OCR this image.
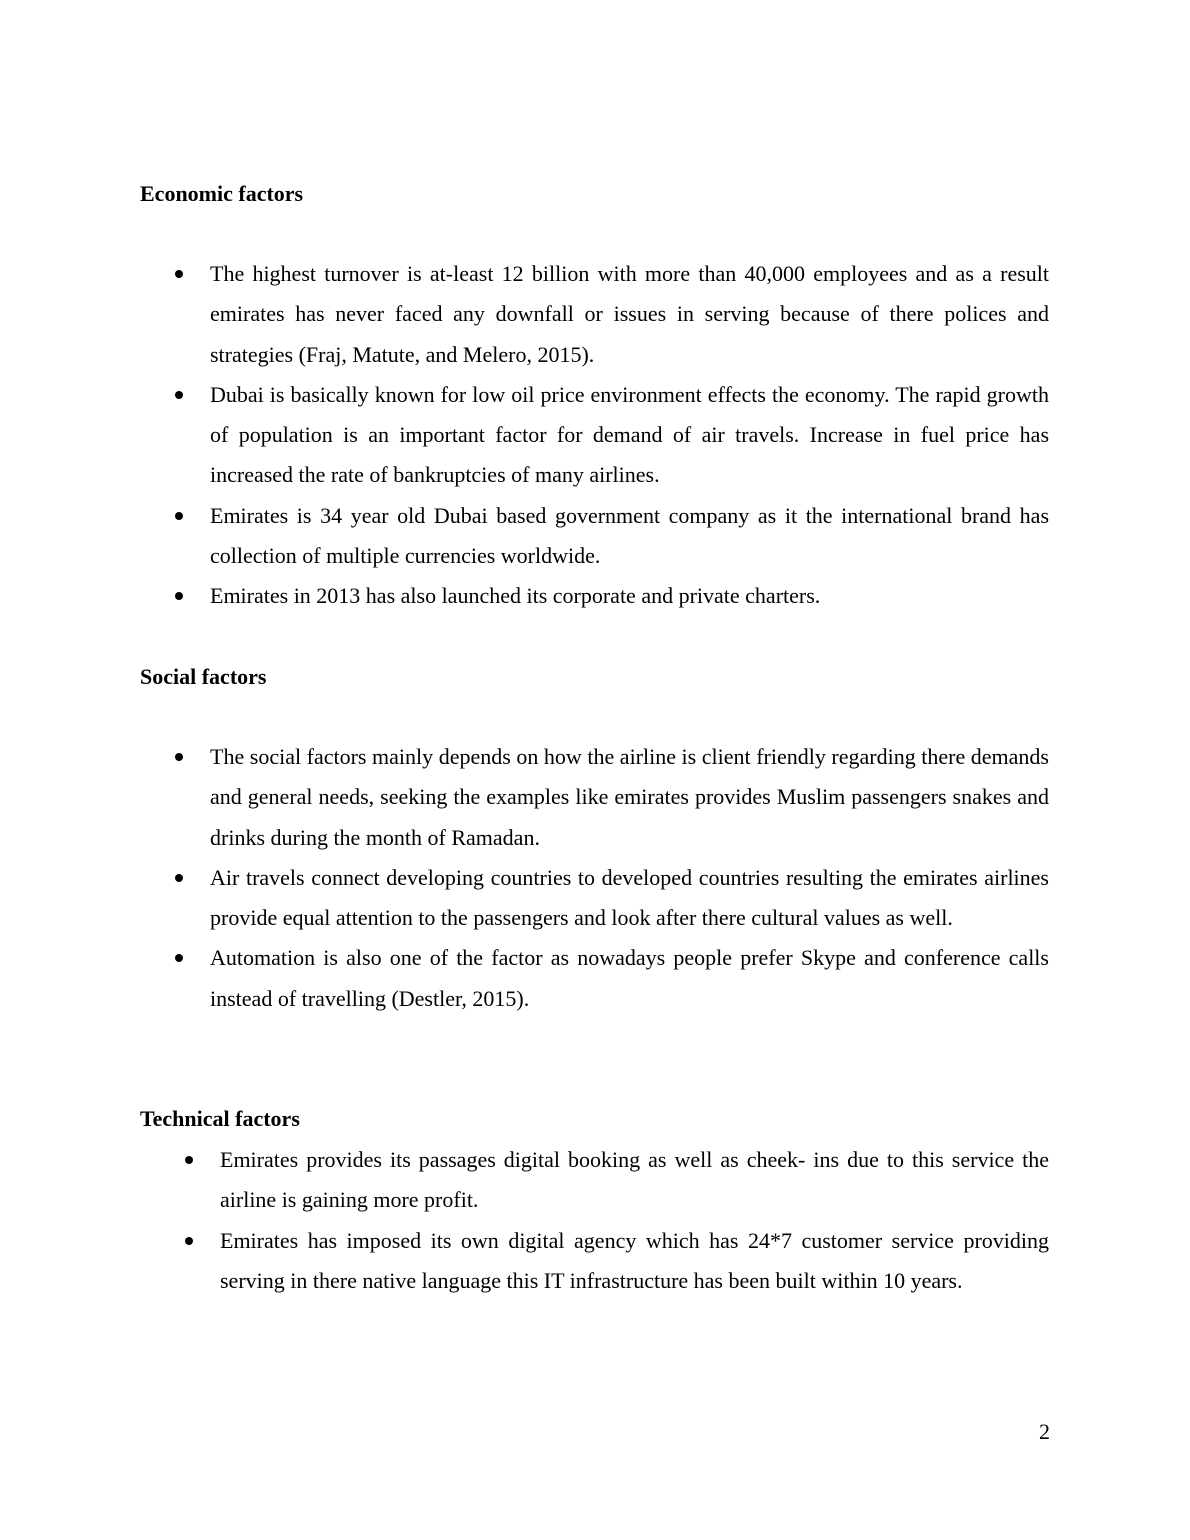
Economic factors
The highest turnover is at-least 12 billion with more than 40,000 employees and as a result emirates has never faced any downfall or issues in serving because of there polices and strategies (Fraj, Matute, and Melero, 2015).
Dubai is basically known for low oil price environment effects the economy. The rapid growth of population is an important factor for demand of air travels. Increase in fuel price has increased the rate of bankruptcies of many airlines.
Emirates is 34 year old Dubai based government company as it the international brand has collection of multiple currencies worldwide.
Emirates in 2013 has also launched its corporate and private charters.
Social factors
The social factors mainly depends on how the airline is client friendly regarding there demands and general needs, seeking the examples like emirates provides Muslim passengers snakes and drinks during the month of Ramadan.
Air travels connect developing countries to developed countries resulting the emirates airlines provide equal attention to the passengers and look after there cultural values as well.
Automation is also one of the factor as nowadays people prefer Skype and conference calls instead of travelling (Destler, 2015).
Technical factors
Emirates provides its passages digital booking as well as cheek- ins due to this service the airline is gaining more profit.
Emirates has imposed its own digital agency which has 24*7 customer service providing serving in there native language this IT infrastructure has been built within 10 years.
2
